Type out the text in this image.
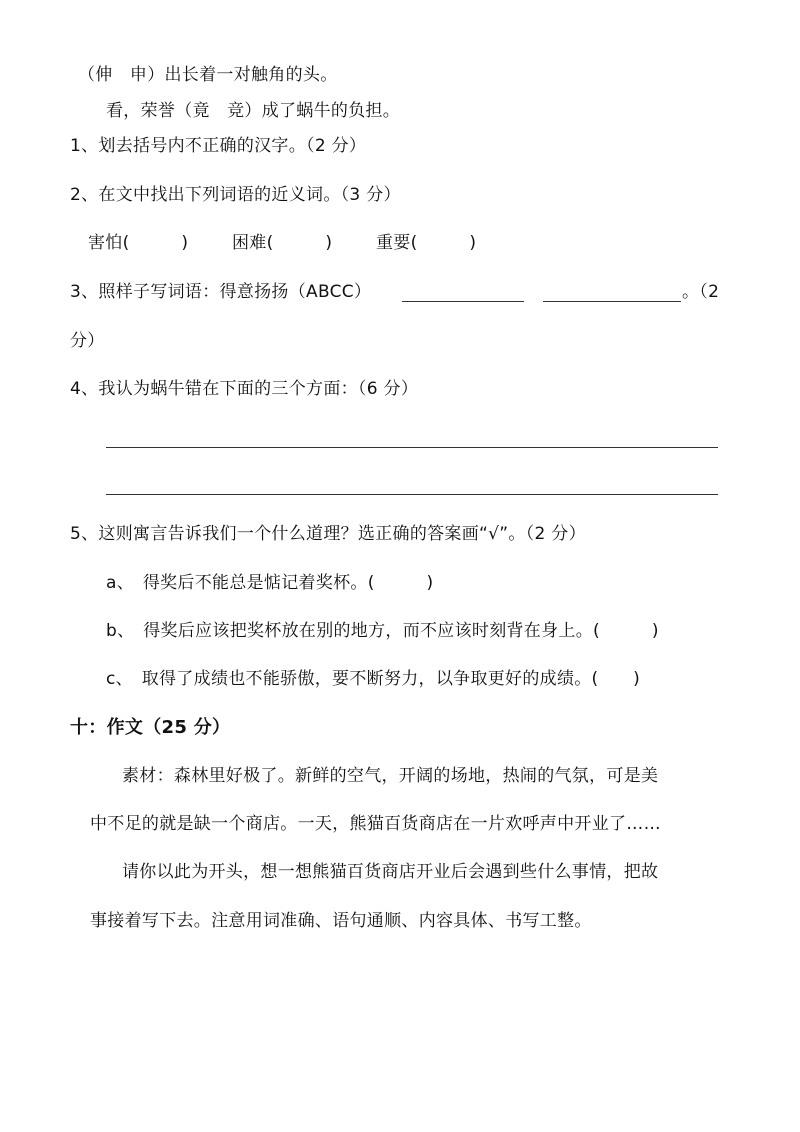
（伸　申）出长着一对触角的头。
看，荣誉（竟　竞）成了蜗牛的负担。
1、划去括号内不正确的汉字。（2 分）
2、在文中找出下列词语的近义词。（3 分）
害怕(　　　)	困难(　　　)	重要(　　　)
3、照样子写词语：得意扬扬（ABCC）	。（2
分）
4、我认为蜗牛错在下面的三个方面：（6 分）
5、这则寓言告诉我们一个什么道理？选正确的答案画“√”。（2 分）
a、　得奖后不能总是惦记着奖杯。(　　　)
b、　得奖后应该把奖杯放在别的地方，而不应该时刻背在身上。(　　　)
c、　取得了成绩也不能骄傲，要不断努力，以争取更好的成绩。(　　)
十：作文（25 分）
素材：森林里好极了。新鲜的空气，开阔的场地，热闹的气氛，可是美
中不足的就是缺一个商店。一天，熊猫百货商店在一片欢呼声中开业了……
请你以此为开头，想一想熊猫百货商店开业后会遇到些什么事情，把故
事接着写下去。注意用词准确、语句通顺、内容具体、书写工整。
